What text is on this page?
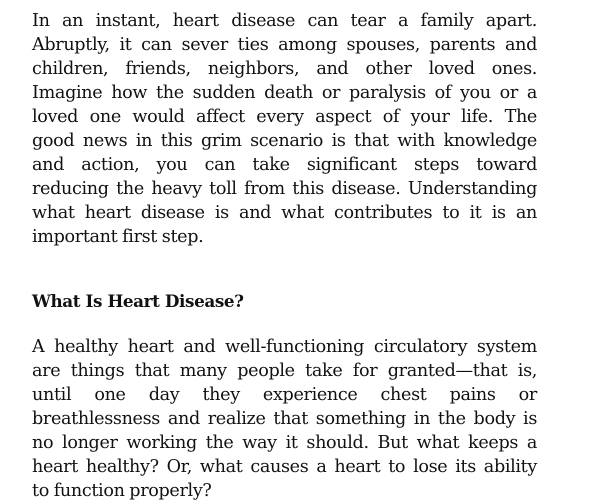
In an instant, heart disease can tear a family apart.
Abruptly, it can sever ties among spouses, parents and
children, friends, neighbors, and other loved ones.
Imagine how the sudden death or paralysis of you or a
loved one would affect every aspect of your life. The
good news in this grim scenario is that with knowledge
and action, you can take significant steps toward
reducing the heavy toll from this disease. Understanding
what heart disease is and what contributes to it is an
important first step.
What Is Heart Disease?
A healthy heart and well-functioning circulatory system
are things that many people take for granted—that is,
until one day they experience chest pains or
breathlessness and realize that something in the body is
no longer working the way it should. But what keeps a
heart healthy? Or, what causes a heart to lose its ability
to function properly?
